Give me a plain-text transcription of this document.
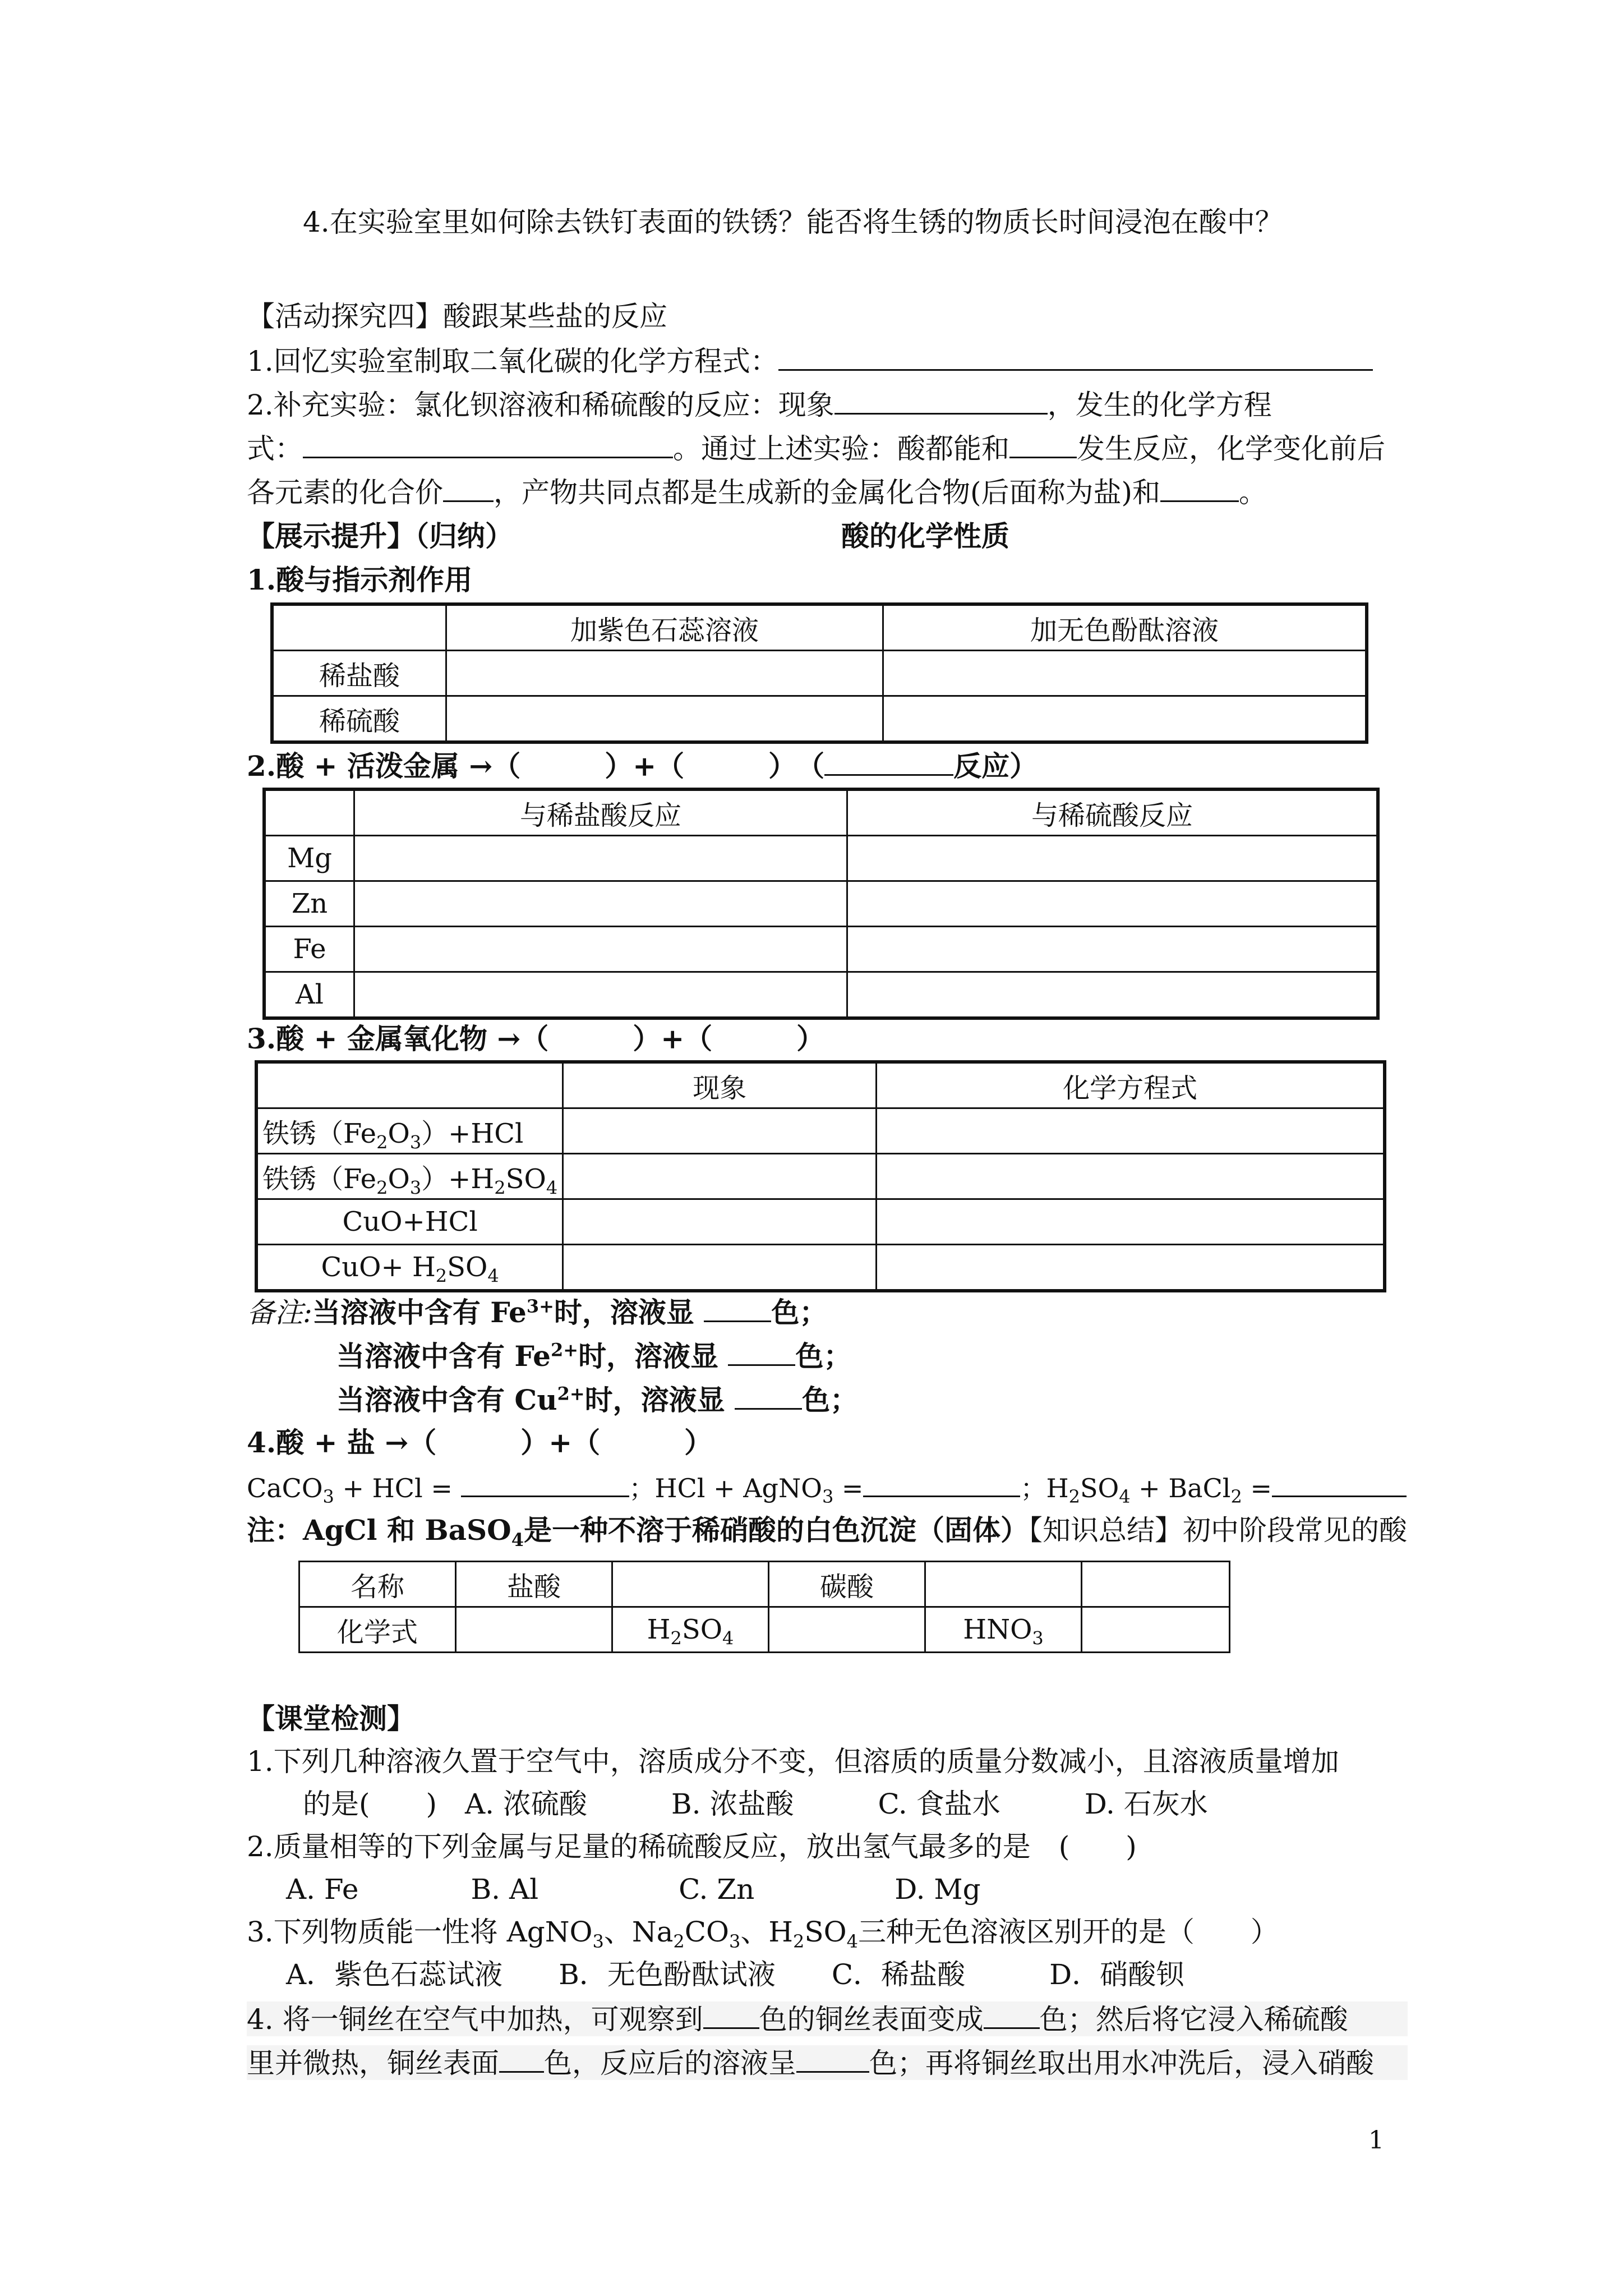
4.在实验室里如何除去铁钉表面的铁锈？能否将生锈的物质长时间浸泡在酸中？
【活动探究四】酸跟某些盐的反应
1.回忆实验室制取二氧化碳的化学方程式：
2.补充实验：氯化钡溶液和稀硫酸的反应：现象	，发生的化学方程
式：	。通过上述实验：酸都能和 发生反应，化学变化前后
各元素的化合价 ，产物共同点都是生成新的金属化合物(后面称为盐)和	。
【展示提升】（归纳）	酸的化学性质
1.酸与指示剂作用
	加紫色石蕊溶液	加无色酚酞溶液
稀盐酸		
稀硫酸		
2.酸 + 活泼金属 →（　　　）+（　　　）　（	反应）
	与稀盐酸反应	与稀硫酸反应
Mg		
Zn		
Fe		
Al		
3.酸 + 金属氧化物 →（　　　）+（　　　）
	现象	化学方程式
铁锈$(Fe_2O_3)+HCl$		
铁锈$(Fe_2O_3)+H_2SO_4$		
CuO+HCl		
$CuO+ H_2SO_4$		
备注:当溶液中含有 $Fe^{3+}$时，溶液显	色；
当溶液中含有 $Fe^{2+}$时，溶液显	色；
当溶液中含有 $Cu^{2+}$时，溶液显	色；
4.酸 + 盐 →（　　　）+（　　　）
CaCO$_3$ + HCl =	；HCl + AgNO$_3$ =	；$H_2SO_4$ + BaCl$_2$ =
注：AgCl 和 BaSO$_4$是一种不溶于稀硝酸的白色沉淀（固体）【知识总结】初中阶段常见的酸
名称	盐酸		碳酸		
化学式		$H_2SO_4$		$HNO_3$	
【课堂检测】
1.下列几种溶液久置于空气中，溶质成分不变，但溶质的质量分数减小，且溶液质量增加
的是(　　)　A. 浓硫酸　　　B. 浓盐酸　　　C. 食盐水　　　D. 石灰水
2.质量相等的下列金属与足量的稀硫酸反应，放出氢气最多的是　(　　)
A. Fe　　　　B. Al　　　　　C. Zn　　　　　D. Mg
3.下列物质能一性将 AgNO$_3$、$Na_2CO_3$、$H_2SO_4$三种无色溶液区别开的是（　　）
A．紫色石蕊试液　　B．无色酚酞试液　　C．稀盐酸　　　D．硝酸钡
4. 将一铜丝在空气中加热，可观察到 色的铜丝表面变成 色；然后将它浸入稀硫酸
里并微热，铜丝表面 色，反应后的溶液呈	色；再将铜丝取出用水冲洗后，浸入硝酸
1
